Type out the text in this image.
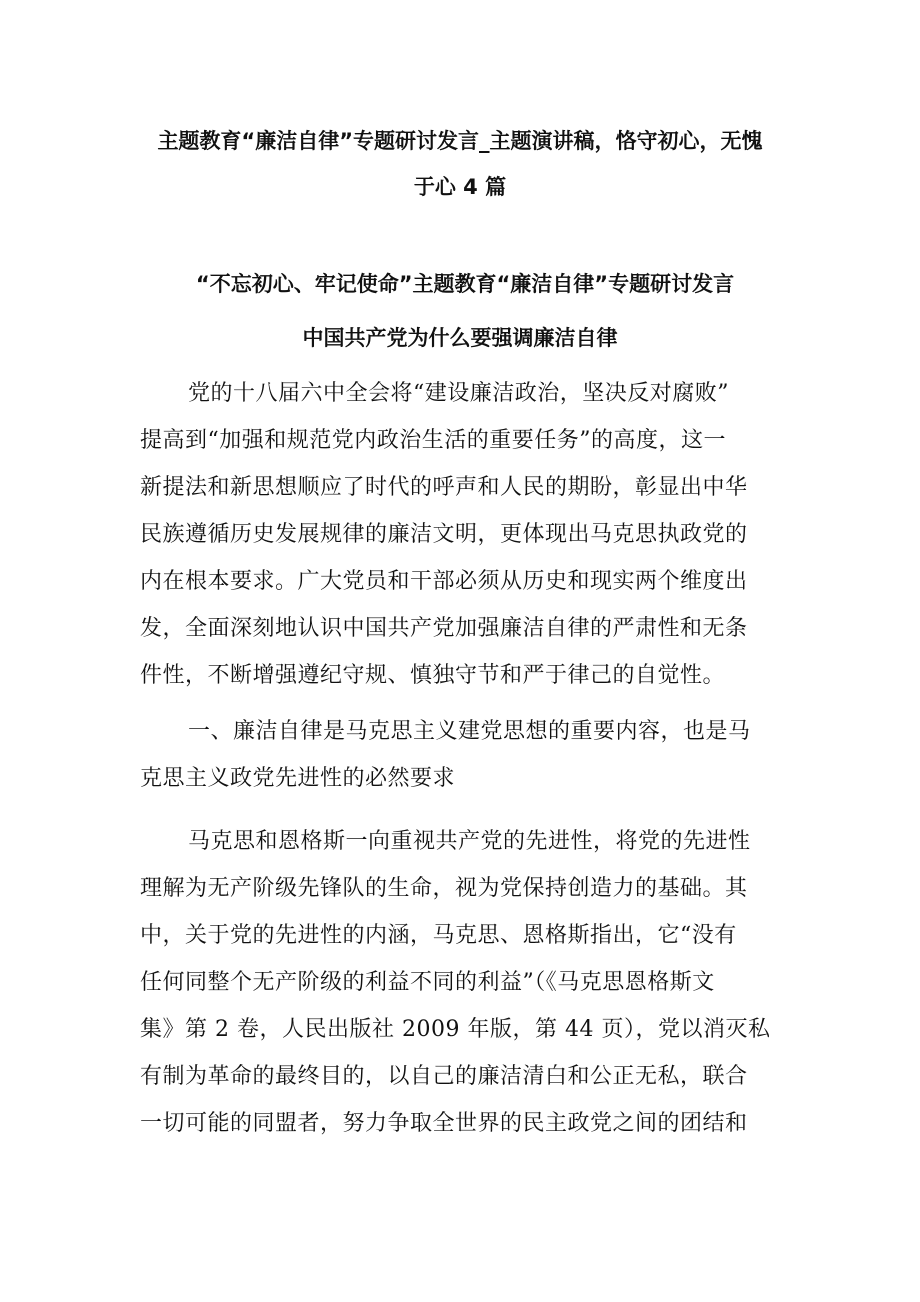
主题教育“廉洁自律”专题研讨发言_主题演讲稿，恪守初心，无愧
于心 4 篇
“不忘初心、牢记使命”主题教育“廉洁自律”专题研讨发言
中国共产党为什么要强调廉洁自律
党的十八届六中全会将“建设廉洁政治，坚决反对腐败”
提高到“加强和规范党内政治生活的重要任务”的高度，这一
新提法和新思想顺应了时代的呼声和人民的期盼，彰显出中华
民族遵循历史发展规律的廉洁文明，更体现出马克思执政党的
内在根本要求。广大党员和干部必须从历史和现实两个维度出
发，全面深刻地认识中国共产党加强廉洁自律的严肃性和无条
件性，不断增强遵纪守规、慎独守节和严于律己的自觉性。
一、廉洁自律是马克思主义建党思想的重要内容，也是马
克思主义政党先进性的必然要求
马克思和恩格斯一向重视共产党的先进性，将党的先进性
理解为无产阶级先锋队的生命，视为党保持创造力的基础。其
中，关于党的先进性的内涵，马克思、恩格斯指出，它“没有
任何同整个无产阶级的利益不同的利益”（《马克思恩格斯文
集》第 2 卷，人民出版社 2009 年版，第 44 页），党以消灭私
有制为革命的最终目的，以自己的廉洁清白和公正无私，联合
一切可能的同盟者，努力争取全世界的民主政党之间的团结和
